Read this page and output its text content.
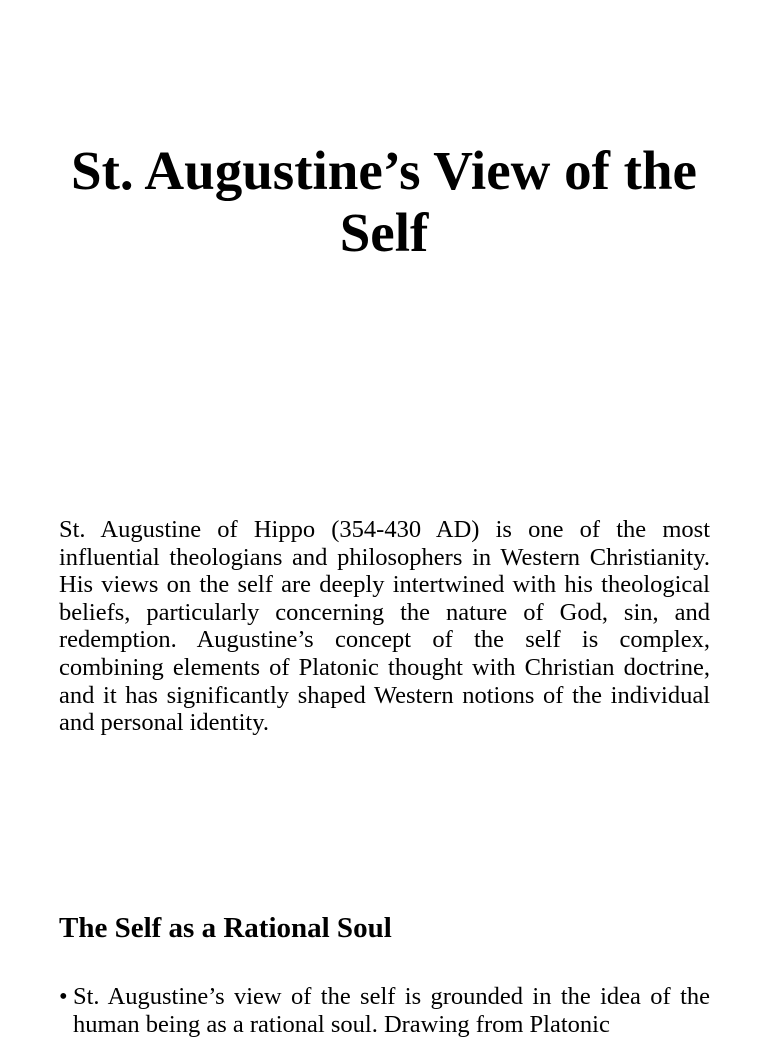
St. Augustine’s View of the Self

St. Augustine of Hippo (354-430 AD) is one of the most influential theologians and philosophers in Western Christianity. His views on the self are deeply intertwined with his theological beliefs, particularly concerning the nature of God, sin, and redemption. Augustine’s concept of the self is complex, combining elements of Platonic thought with Christian doctrine, and it has significantly shaped Western notions of the individual and personal identity.

The Self as a Rational Soul
• St. Augustine’s view of the self is grounded in the idea of the human being as a rational soul. Drawing from Platonic
